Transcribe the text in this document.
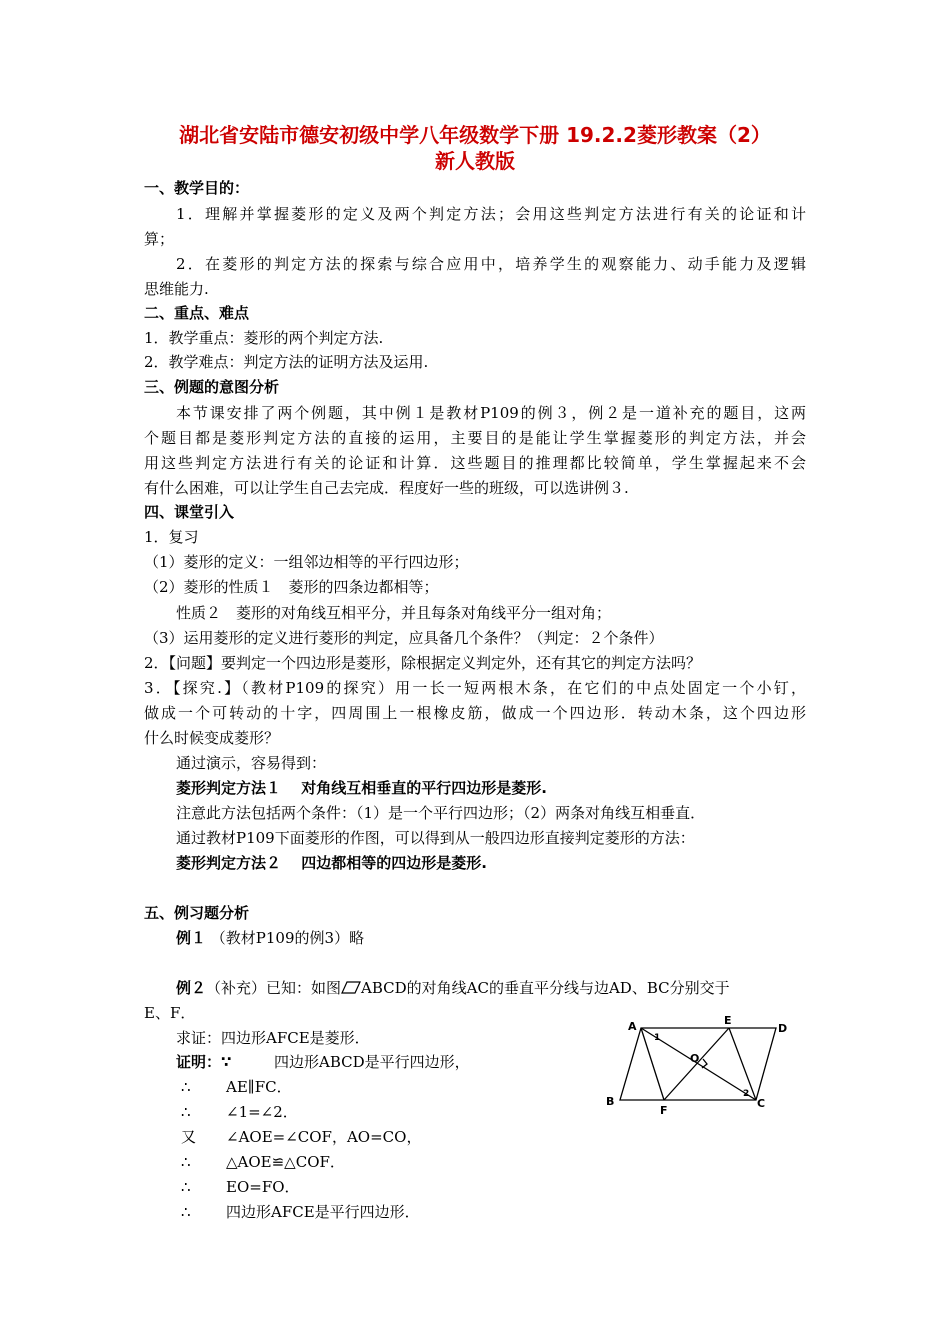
湖北省安陆市德安初级中学八年级数学下册 19.2.2菱形教案（2）
新人教版
一、教学目的：
1．理解并掌握菱形的定义及两个判定方法；会用这些判定方法进行有关的论证和计
算；
2．在菱形的判定方法的探索与综合应用中，培养学生的观察能力、动手能力及逻辑
思维能力.
二、重点、难点
1．教学重点：菱形的两个判定方法.
2．教学难点：判定方法的证明方法及运用.
三、例题的意图分析
本节课安排了两个例题，其中例１是教材P109的例３，例２是一道补充的题目，这两
个题目都是菱形判定方法的直接的运用，主要目的是能让学生掌握菱形的判定方法，并会
用这些判定方法进行有关的论证和计算．这些题目的推理都比较简单，学生掌握起来不会
有什么困难，可以让学生自己去完成．程度好一些的班级，可以选讲例３.
四、课堂引入
1．复习
（1）菱形的定义：一组邻边相等的平行四边形；
（2）菱形的性质１　菱形的四条边都相等；
性质２　菱形的对角线互相平分，并且每条对角线平分一组对角；
（3）运用菱形的定义进行菱形的判定，应具备几个条件？（判定：２个条件）
2．【问题】要判定一个四边形是菱形，除根据定义判定外，还有其它的判定方法吗？
3．【探究.】（教材P109的探究）用一长一短两根木条，在它们的中点处固定一个小钉，
做成一个可转动的十字，四周围上一根橡皮筋，做成一个四边形．转动木条，这个四边形
什么时候变成菱形？
通过演示，容易得到：
菱形判定方法１　 对角线互相垂直的平行四边形是菱形.
注意此方法包括两个条件：（1）是一个平行四边形；（2）两条对角线互相垂直．
通过教材P109下面菱形的作图，可以得到从一般四边形直接判定菱形的方法：
菱形判定方法２　 四边都相等的四边形是菱形.
五、例习题分析
例１ （教材P109的例3）略
例２（补充）已知：如图 ABCD的对角线AC的垂直平分线与边AD、BC分别交于
E、F．
求证：四边形AFCE是菱形．
证明：∵	四边形ABCD是平行四边形，
∴ AE∥FC．
∴ ∠1=∠2．
又 ∠AOE=∠COF，AO=CO，
∴ △AOE≌△COF．
∴ EO=FO．
∴ 四边形AFCE是平行四边形．
A	E
D
B
F
C
O
1
2
